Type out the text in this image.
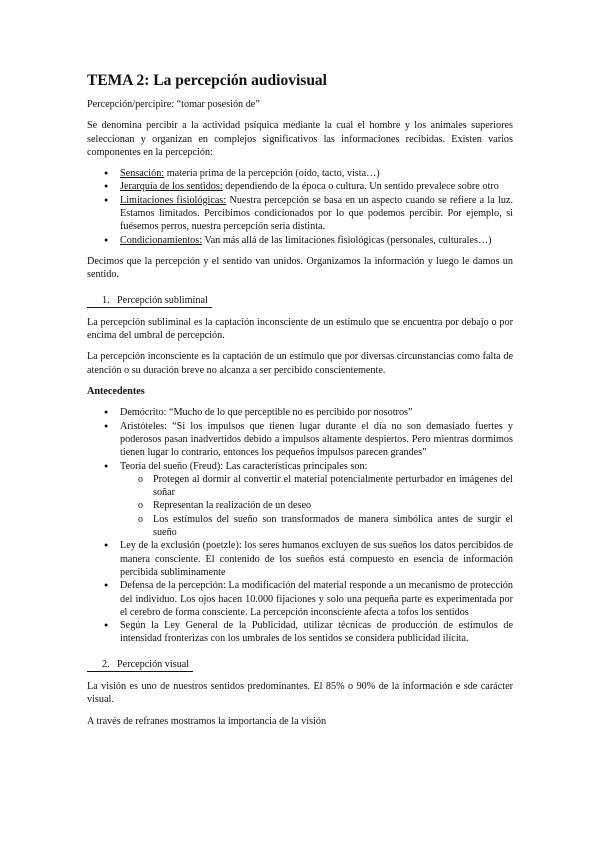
TEMA 2: La percepción audiovisual

Percepción/percipire: “tomar posesión de”

Se denomina percibir a la actividad psíquica mediante la cual el hombre y los animales superiores seleccionan y organizan en complejos significativos las informaciones recibidas. Existen varios componentes en la percepción:

● Sensación: materia prima de la percepción (oído, tacto, vista…)
● Jerarquía de los sentidos: dependiendo de la época o cultura. Un sentido prevalece sobre otro
● Limitaciones fisiológicas: Nuestra percepción se basa en un aspecto cuando se refiere a la luz. Estamos limitados. Percibimos condicionados por lo que podemos percibir. Por ejemplo, si fuésemos perros, nuestra percepción sería distinta.
● Condicionamientos: Van más allá de las limitaciones fisiológicas (personales, culturales…)

Decimos que la percepción y el sentido van unidos. Organizamos la información y luego le damos un sentido.

1. Percepción subliminal

La percepción subliminal es la captación inconsciente de un estímulo que se encuentra por debajo o por encima del umbral de percepción.

La percepción inconsciente es la captación de un estímulo que por diversas circunstancias como falta de atención o su duración breve no alcanza a ser percibido conscientemente.

Antecedentes

● Demócrito: “Mucho de lo que perceptible no es percibido por nosotros”
● Aristóteles: “Si los impulsos que tienen lugar durante el día no son demasiado fuertes y poderosos pasan inadvertidos debido a impulsos altamente despiertos. Pero mientras dormimos tienen lugar lo contrario, entonces los pequeños impulsos parecen grandes”
● Teoría del sueño (Freud): Las características principales son:
o Protegen al dormir al convertir el material potencialmente perturbador en imágenes del soñar
o Representan la realización de un deseo
o Los estímulos del sueño son transformados de manera simbólica antes de surgir el sueño
● Ley de la exclusión (poetzle): los seres humanos excluyen de sus sueños los datos percibidos de manera consciente. El contenido de los sueños está compuesto en esencia de información percibida subliminamente
● Defensa de la percepción: La modificación del material responde a un mecanismo de protección del individuo. Los ojos hacen 10.000 fijaciones y solo una pequeña parte es experimentada por el cerebro de forma consciente. La percepción inconsciente afecta a tofos los sentidos
● Según la Ley General de la Publicidad, utilizar técnicas de producción de estímulos de intensidad fronterizas con los umbrales de los sentidos se considera publicidad ilícita.
2. Percepción visual

La visión es uno de nuestros sentidos predominantes. El 85% o 90% de la información e sde carácter visual.

A través de refranes mostramos la importancia de la visión
